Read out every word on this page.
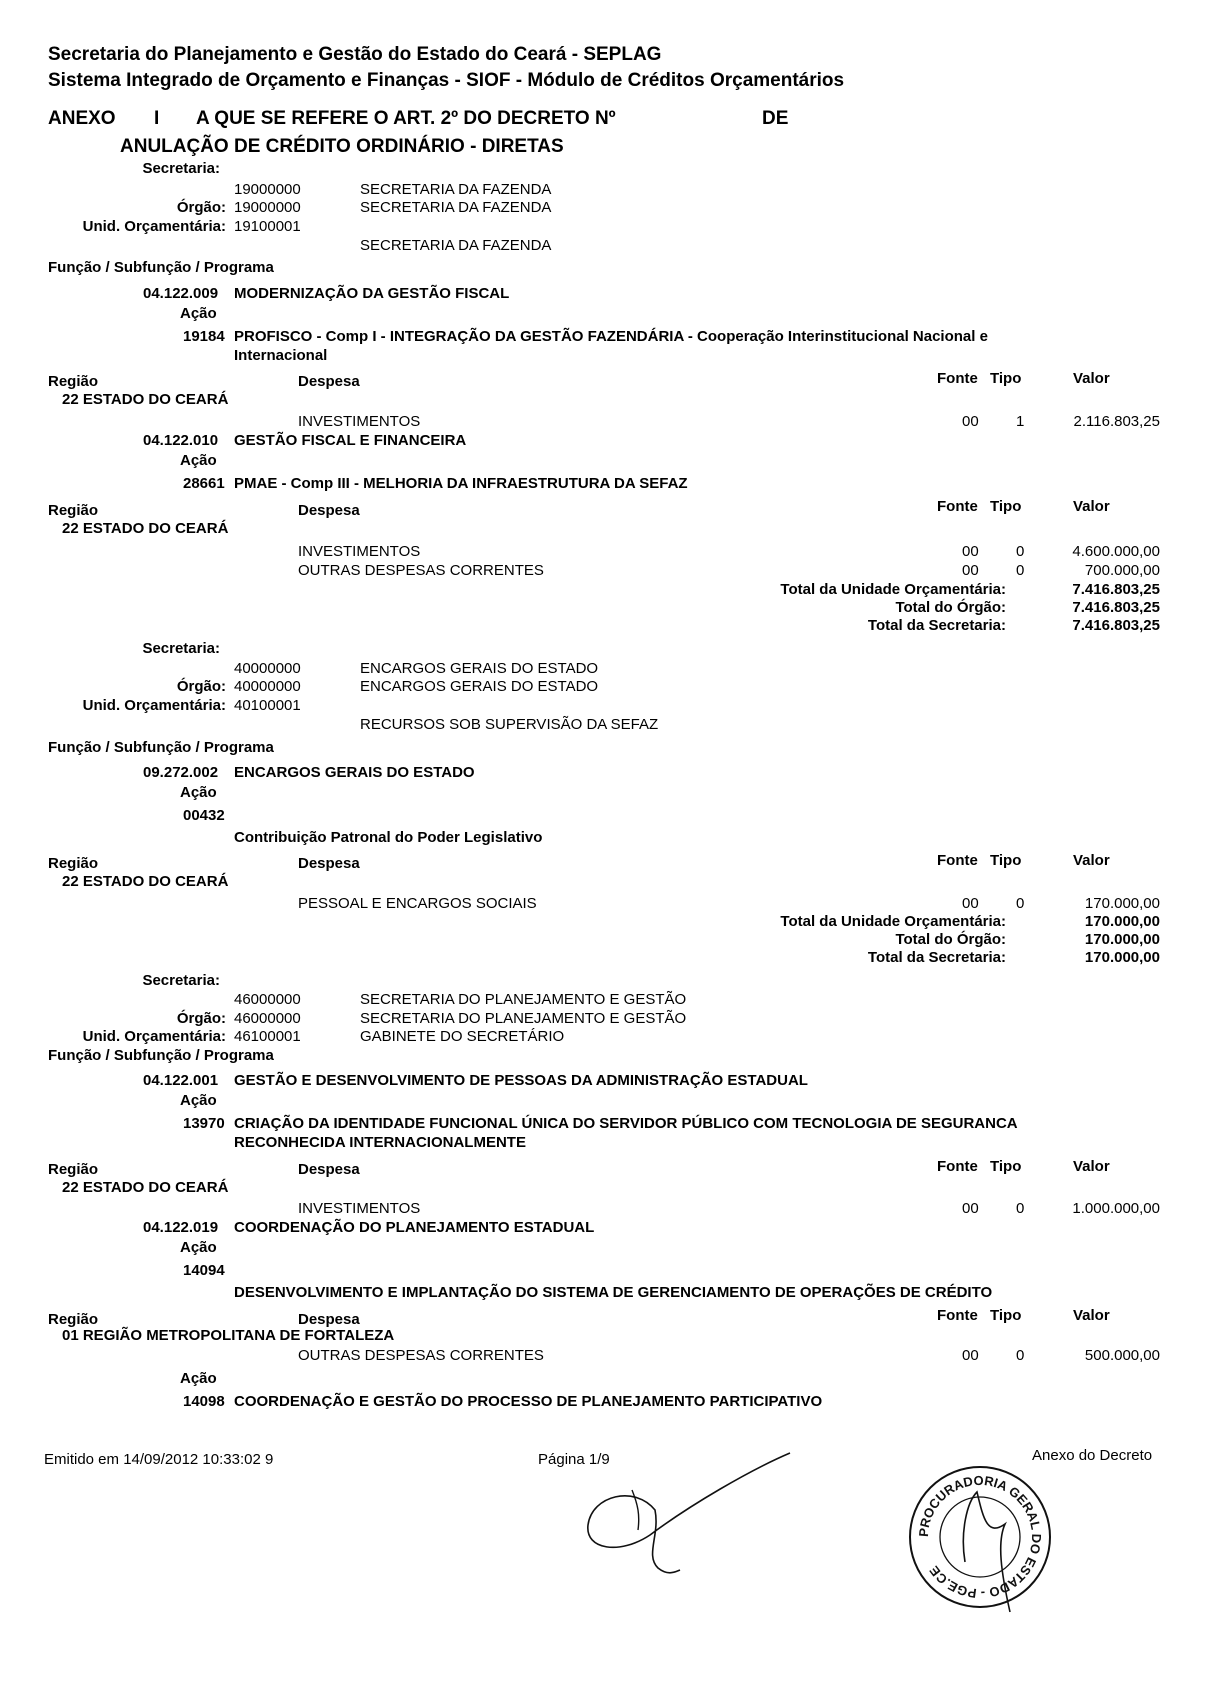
Secretaria do Planejamento e Gestão do Estado do Ceará - SEPLAG
Sistema Integrado de Orçamento e Finanças - SIOF - Módulo de Créditos Orçamentários
ANEXO I A QUE SE REFERE O ART. 2º DO DECRETO Nº	DE
ANULAÇÃO DE CRÉDITO ORDINÁRIO - DIRETAS
Secretaria:
19000000	SECRETARIA DA FAZENDA
Órgão: 19000000	SECRETARIA DA FAZENDA
Unid. Orçamentária: 19100001
SECRETARIA DA FAZENDA
Função / Subfunção / Programa
04.122.009 MODERNIZAÇÃO DA GESTÃO FISCAL
Ação
19184 PROFISCO - Comp I - INTEGRAÇÃO DA GESTÃO FAZENDÁRIA - Cooperação Interinstitucional Nacional e
Internacional
Região	Despesa	Fonte Tipo	Valor
22 ESTADO DO CEARÁ
INVESTIMENTOS	00 1	2.116.803,25
04.122.010 GESTÃO FISCAL E FINANCEIRA
Ação
28661 PMAE - Comp III - MELHORIA DA INFRAESTRUTURA DA SEFAZ
Região	Despesa	Fonte Tipo	Valor
22 ESTADO DO CEARÁ
INVESTIMENTOS	00 0	4.600.000,00
OUTRAS DESPESAS CORRENTES	00 0	700.000,00
Total da Unidade Orçamentária:	7.416.803,25
Total do Órgão:	7.416.803,25
Total da Secretaria:	7.416.803,25
Secretaria:
40000000	ENCARGOS GERAIS DO ESTADO
Órgão: 40000000	ENCARGOS GERAIS DO ESTADO
Unid. Orçamentária: 40100001
RECURSOS SOB SUPERVISÃO DA SEFAZ
Função / Subfunção / Programa
09.272.002 ENCARGOS GERAIS DO ESTADO
Ação
00432
Contribuição Patronal do Poder Legislativo
Região	Despesa	Fonte Tipo	Valor
22 ESTADO DO CEARÁ
PESSOAL E ENCARGOS SOCIAIS	00 0	170.000,00
Total da Unidade Orçamentária:	170.000,00
Total do Órgão:	170.000,00
Total da Secretaria:	170.000,00
Secretaria:
46000000	SECRETARIA DO PLANEJAMENTO E GESTÃO
Órgão: 46000000	SECRETARIA DO PLANEJAMENTO E GESTÃO
Unid. Orçamentária: 46100001	GABINETE DO SECRETÁRIO
Função / Subfunção / Programa
04.122.001 GESTÃO E DESENVOLVIMENTO DE PESSOAS DA ADMINISTRAÇÃO ESTADUAL
Ação
13970 CRIAÇÃO DA IDENTIDADE FUNCIONAL ÚNICA DO SERVIDOR PÚBLICO COM TECNOLOGIA DE SEGURANCA
RECONHECIDA INTERNACIONALMENTE
Região	Despesa	Fonte Tipo	Valor
22 ESTADO DO CEARÁ
INVESTIMENTOS	00 0	1.000.000,00
04.122.019 COORDENAÇÃO DO PLANEJAMENTO ESTADUAL
Ação
14094
DESENVOLVIMENTO E IMPLANTAÇÃO DO SISTEMA DE GERENCIAMENTO DE OPERAÇÕES DE CRÉDITO
Região	Despesa	Fonte Tipo	Valor
01 REGIÃO METROPOLITANA DE FORTALEZA
OUTRAS DESPESAS CORRENTES	00 0	500.000,00
Ação
14098 COORDENAÇÃO E GESTÃO DO PROCESSO DE PLANEJAMENTO PARTICIPATIVO
Emitido em 14/09/2012 10:33:02 9	Página 1/9	Anexo do Decreto
PROCURADORIA GERAL DO ESTADO - PGE.CE
